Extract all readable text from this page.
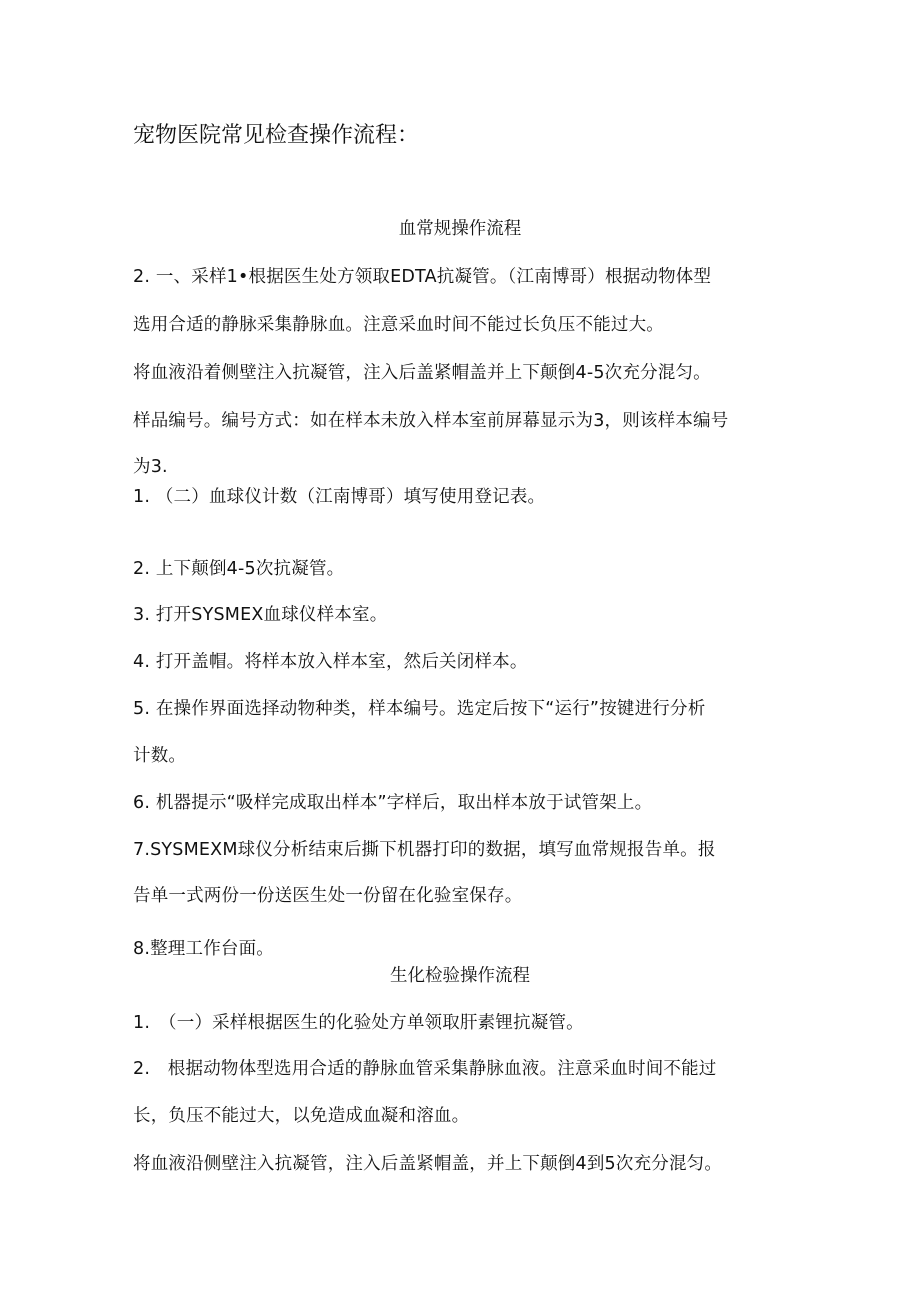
宠物医院常见检查操作流程：
血常规操作流程
2. 一、采样1•根据医生处方领取EDTA抗凝管。（江南博哥）根据动物体型
选用合适的静脉采集静脉血。注意采血时间不能过长负压不能过大。
将血液沿着侧壁注入抗凝管，注入后盖紧帽盖并上下颠倒4-5次充分混匀。
样品编号。编号方式：如在样本未放入样本室前屏幕显示为3，则该样本编号
为3.
1. （二）血球仪计数（江南博哥）填写使用登记表。
2. 上下颠倒4-5次抗凝管。
3. 打开SYSMEX血球仪样本室。
4. 打开盖帽。将样本放入样本室，然后关闭样本。
5. 在操作界面选择动物种类，样本编号。选定后按下“运行”按键进行分析
计数。
6. 机器提示“吸样完成取出样本”字样后，取出样本放于试管架上。
7.SYSMEXM球仪分析结束后撕下机器打印的数据，填写血常规报告单。报
告单一式两份一份送医生处一份留在化验室保存。
8.整理工作台面。
生化检验操作流程
1.　（一）采样根据医生的化验处方单领取肝素锂抗凝管。
2.　根据动物体型选用合适的静脉血管采集静脉血液。注意采血时间不能过
长，负压不能过大，以免造成血凝和溶血。
将血液沿侧壁注入抗凝管，注入后盖紧帽盖，并上下颠倒4到5次充分混匀。
